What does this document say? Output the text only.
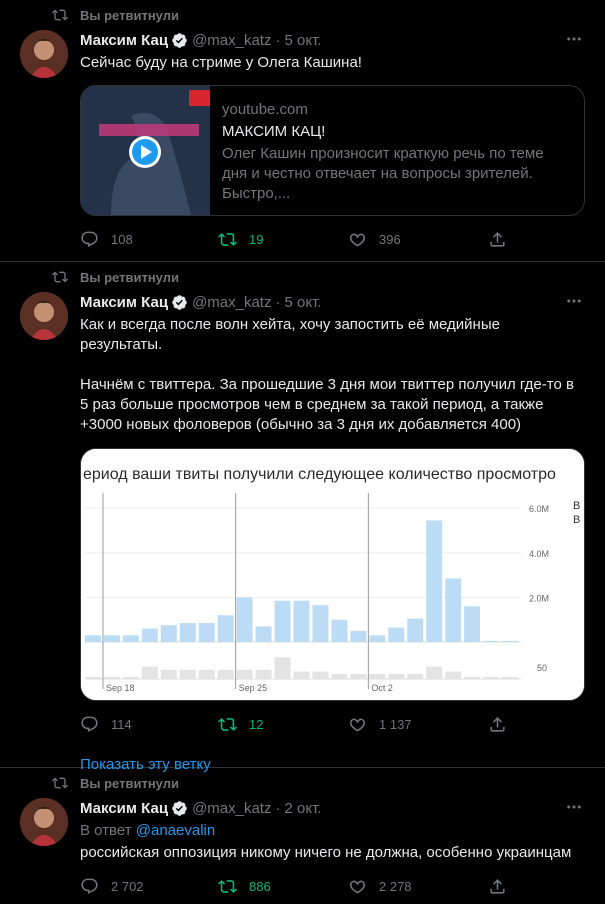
Вы ретвитнули
Максим Кац @max_katz · 5 окт.
Сейчас буду на стриме у Олега Кашина!
youtube.com
МАКСИМ КАЦ!
Олег Кашин произносит краткую речь по теме дня и честно отвечает на вопросы зрителей. Быстро,...
108	19	396
Вы ретвитнули
Максим Кац @max_katz · 5 окт.
Как и всегда после волн хейта, хочу запостить её медийные результаты.

Начнём с твиттера. За прошедшие 3 дня мои твиттер получил где-то в 5 раз больше просмотров чем в среднем за такой период, а также +3000 новых фоловеров (обычно за 3 дня их добавляется 400)
ериод ваши твиты получили следующее количество просмотро
В
В
6.0M
4.0M
2.0M
50
Sep 18	Sep 25	Oct 2
114	12	1 137
Показать эту ветку
Вы ретвитнули
Максим Кац @max_katz · 2 окт.
В ответ @anaevalin
российская оппозиция никому ничего не должна, особенно украинцам
2 702	886	2 278
